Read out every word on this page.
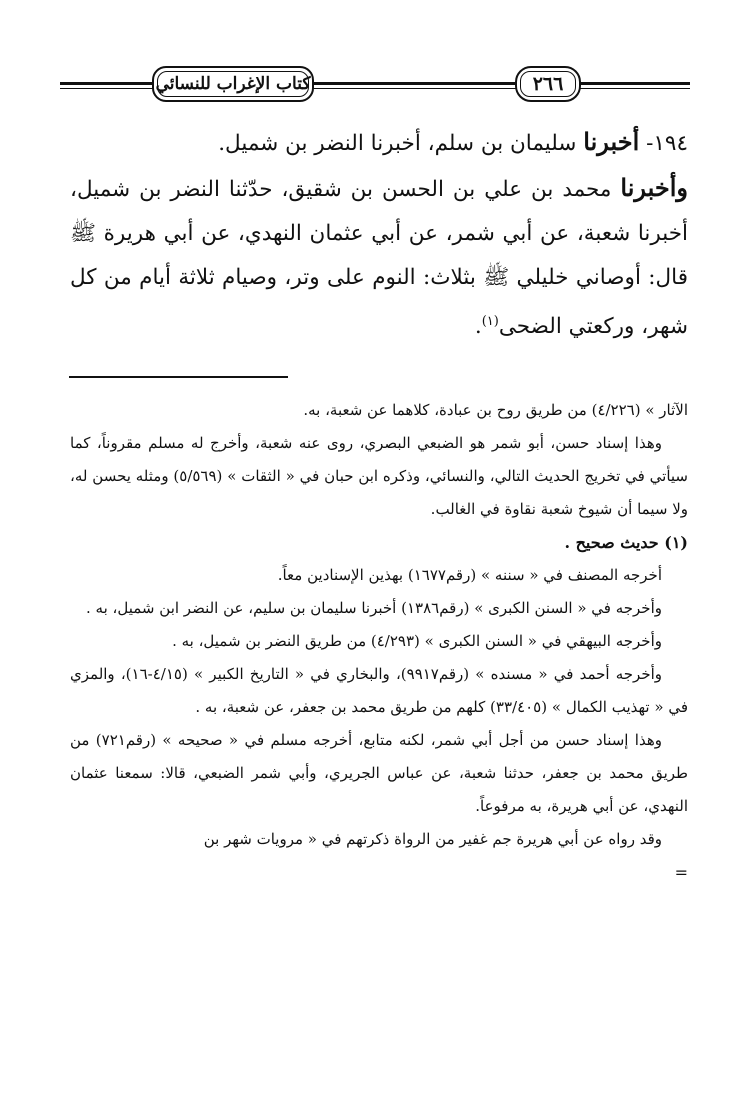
٢٦٦
كتاب الإغراب للنسائي

١٩٤- أخبرنا سليمان بن سلم، أخبرنا النضر بن شميل.

وأخبرنا محمد بن علي بن الحسن بن شقيق، حدّثنا النضر بن شميل، أخبرنا شعبة، عن أبي شمر، عن أبي عثمان النهدي، عن أبي هريرة ﷺ قال: أوصاني خليلي ﷺ بثلاث: النوم على وتر، وصيام ثلاثة أيام من كل شهر، وركعتي الضحى$^{(١)}$.

الآثار » (٤/٢٢٦) من طريق روح بن عبادة، كلاهما عن شعبة، به.

وهذا إسناد حسن، أبو شمر هو الضبعي البصري، روى عنه شعبة، وأخرج له مسلم مقروناً، كما سيأتي في تخريج الحديث التالي، والنسائي، وذكره ابن حبان في « الثقات » (٥/٥٦٩) ومثله يحسن له، ولا سيما أن شيوخ شعبة نقاوة في الغالب.

(١) حديث صحيح .

أخرجه المصنف في « سننه » (رقم١٦٧٧) بهذين الإسنادين معاً.

وأخرجه في « السنن الكبرى » (رقم١٣٨٦) أخبرنا سليمان بن سليم، عن النضر ابن شميل، به .

وأخرجه البيهقي في « السنن الكبرى » (٤/٢٩٣) من طريق النضر بن شميل، به .

وأخرجه أحمد في « مسنده » (رقم٩٩١٧)، والبخاري في « التاريخ الكبير » (٤/١٥-١٦)، والمزي في « تهذيب الكمال » (٣٣/٤٠٥) كلهم من طريق محمد بن جعفر، عن شعبة، به .

وهذا إسناد حسن من أجل أبي شمر، لكنه متابع، أخرجه مسلم في « صحيحه » (رقم٧٢١) من طريق محمد بن جعفر، حدثنا شعبة، عن عباس الجريري، وأبي شمر الضبعي، قالا: سمعنا عثمان النهدي، عن أبي هريرة، به مرفوعاً.

وقد رواه عن أبي هريرة جم غفير من الرواة ذكرتهم في « مرويات شهر بن

=
